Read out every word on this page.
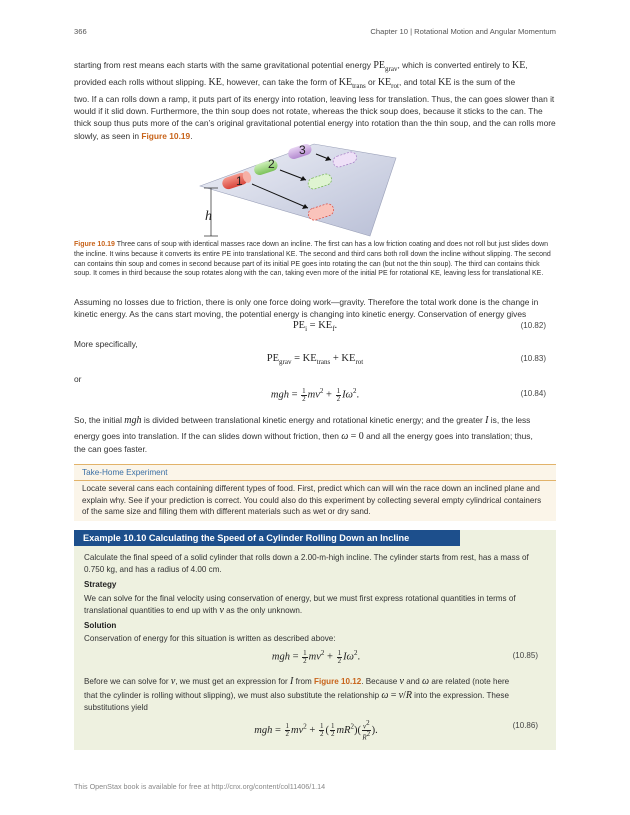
366	Chapter 10 | Rotational Motion and Angular Momentum
starting from rest means each starts with the same gravitational potential energy $PE_{grav}$, which is converted entirely to KE,
provided each rolls without slipping. KE, however, can take the form of $KE_{trans}$ or $KE_{rot}$, and total KE is the sum of the
two. If a can rolls down a ramp, it puts part of its energy into rotation, leaving less for translation. Thus, the can goes slower than it would if it slid down. Furthermore, the thin soup does not rotate, whereas the thick soup does, because it sticks to the can. The thick soup thus puts more of the can’s original gravitational potential energy into rotation than the thin soup, and the can rolls more slowly, as seen in Figure 10.19.
h
1
2
3
Figure 10.19 Three cans of soup with identical masses race down an incline. The first can has a low friction coating and does not roll but just slides down the incline. It wins because it converts its entire PE into translational KE. The second and third cans both roll down the incline without slipping. The second can contains thin soup and comes in second because part of its initial PE goes into rotating the can (but not the thin soup). The third can contains thick soup. It comes in third because the soup rotates along with the can, taking even more of the initial PE for rotational KE, leaving less for translational KE.
Assuming no losses due to friction, there is only one force doing work—gravity. Therefore the total work done is the change in kinetic energy. As the cans start moving, the potential energy is changing into kinetic energy. Conservation of energy gives
$PE_i = KE_f$.	(10.82)
More specifically,
$PE_{grav} = KE_{trans} + KE_{rot}$	(10.83)
or
mgh = $\frac{1}{2} mv^2 + \frac{1}{2} I\omega^2$.	(10.84)
So, the initial mgh is divided between translational kinetic energy and rotational kinetic energy; and the greater I is, the less
energy goes into translation. If the can slides down without friction, then ω = 0 and all the energy goes into translation; thus,
the can goes faster.
Take-Home Experiment
Locate several cans each containing different types of food. First, predict which can will win the race down an inclined plane and explain why. See if your prediction is correct. You could also do this experiment by collecting several empty cylindrical containers of the same size and filling them with different materials such as wet or dry sand.
Example 10.10 Calculating the Speed of a Cylinder Rolling Down an Incline
Calculate the final speed of a solid cylinder that rolls down a 2.00-m-high incline. The cylinder starts from rest, has a mass of 0.750 kg, and has a radius of 4.00 cm.
Strategy
We can solve for the final velocity using conservation of energy, but we must first express rotational quantities in terms of
translational quantities to end up with v as the only unknown.
Solution
Conservation of energy for this situation is written as described above:
mgh = $\frac{1}{2} mv^2 + \frac{1}{2} I\omega^2$.	(10.85)
Before we can solve for v, we must get an expression for I from Figure 10.12. Because v and ω are related (note here
that the cylinder is rolling without slipping), we must also substitute the relationship ω = v/R into the expression. These
substitutions yield
mgh = $\frac{1}{2} mv^2 + \frac{1}{2}$ ( $\frac{1}{2} mR^2)( \frac{v^2}{R^2}$ ).	(10.86)
This OpenStax book is available for free at http://cnx.org/content/col11406/1.14
